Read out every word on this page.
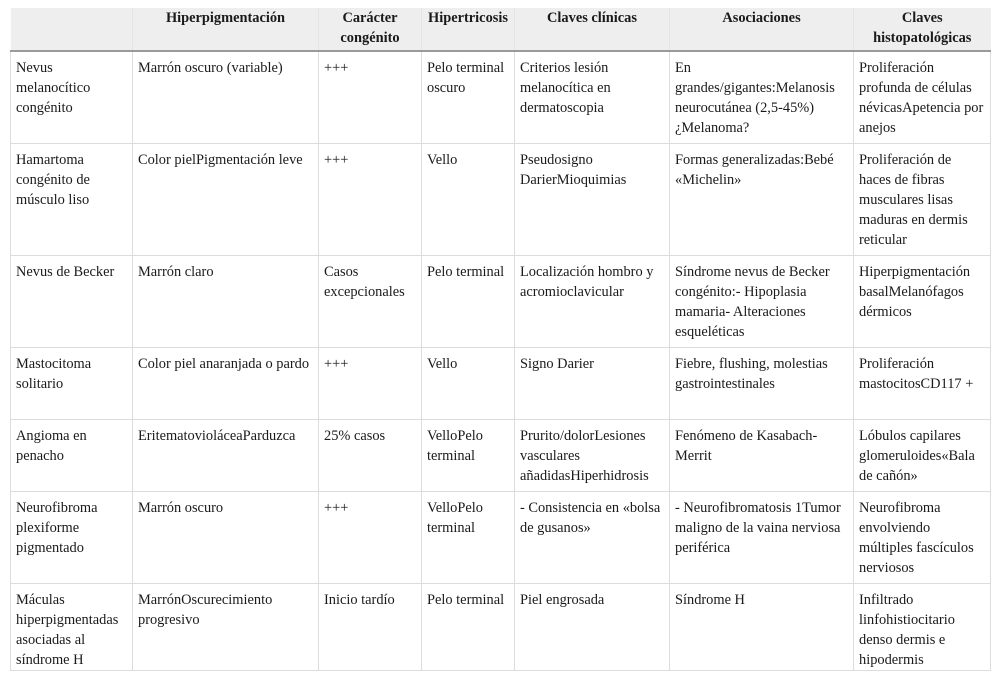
	Hiperpigmentación	Carácter congénito	Hipertricosis	Claves clínicas	Asociaciones	Claves histopatológicas
Nevus melanocítico congénito	Marrón oscuro (variable)	+++	Pelo terminal oscuro	Criterios lesión melanocítica en dermatoscopia	En grandes/gigantes:Melanosis neurocutánea (2,5-45%)¿Melanoma?	Proliferación profunda de células névicasApetencia por anejos
Hamartoma congénito de músculo liso	Color pielPigmentación leve	+++	Vello	Pseudosigno DarierMioquimias	Formas generalizadas:Bebé «Michelin»	Proliferación de haces de fibras musculares lisas maduras en dermis reticular
Nevus de Becker	Marrón claro	Casos excepcionales	Pelo terminal	Localización hombro y acromioclavicular	Síndrome nevus de Becker congénito:- Hipoplasia mamaria- Alteraciones esqueléticas	Hiperpigmentación basalMelanófagos dérmicos
Mastocitoma solitario	Color piel anaranjada o pardo	+++	Vello	Signo Darier	Fiebre, flushing, molestias gastrointestinales	Proliferación mastocitosCD117 +
Angioma en penacho	EritematovioláceaParduzca	25% casos	VelloPelo terminal	Prurito/dolorLesiones vasculares añadidasHiperhidrosis	Fenómeno de Kasabach-Merrit	Lóbulos capilares glomeruloides«Bala de cañón»
Neurofibroma plexiforme pigmentado	Marrón oscuro	+++	VelloPelo terminal	- Consistencia en «bolsa de gusanos»	- Neurofibromatosis 1Tumor maligno de la vaina nerviosa periférica	Neurofibroma envolviendo múltiples fascículos nerviosos
Máculas hiperpigmentadas asociadas al síndrome H	MarrónOscurecimiento progresivo	Inicio tardío	Pelo terminal	Piel engrosada	Síndrome H	Infiltrado linfohistiocitario denso dermis e hipodermis
